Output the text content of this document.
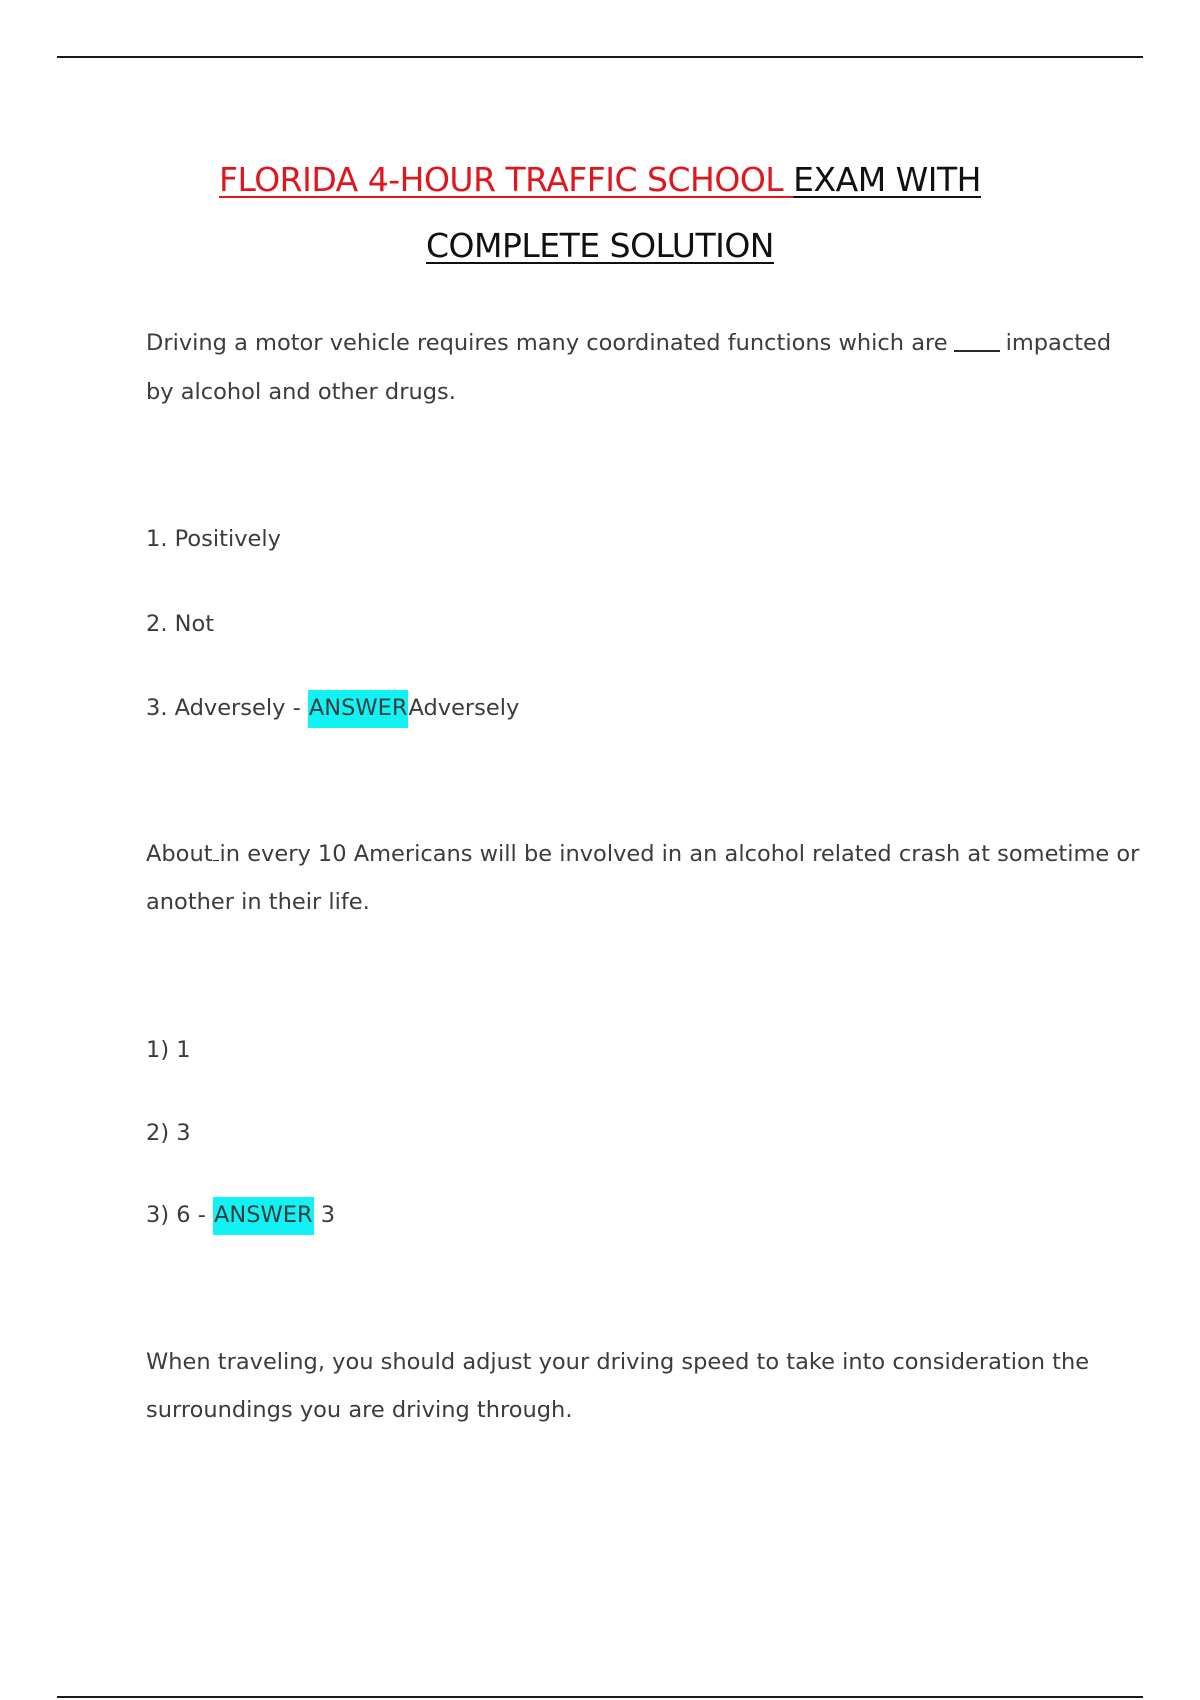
FLORIDA 4-HOUR TRAFFIC SCHOOL EXAM WITH
COMPLETE SOLUTION
Driving a motor vehicle requires many coordinated functions which are	impacted
by alcohol and other drugs.
1. Positively
2. Not
3. Adversely - ANSWERAdversely
About in every 10 Americans will be involved in an alcohol related crash at sometime or
another in their life.
1) 1
2) 3
3) 6 - ANSWER 3
When traveling, you should adjust your driving speed to take into consideration the
surroundings you are driving through.
